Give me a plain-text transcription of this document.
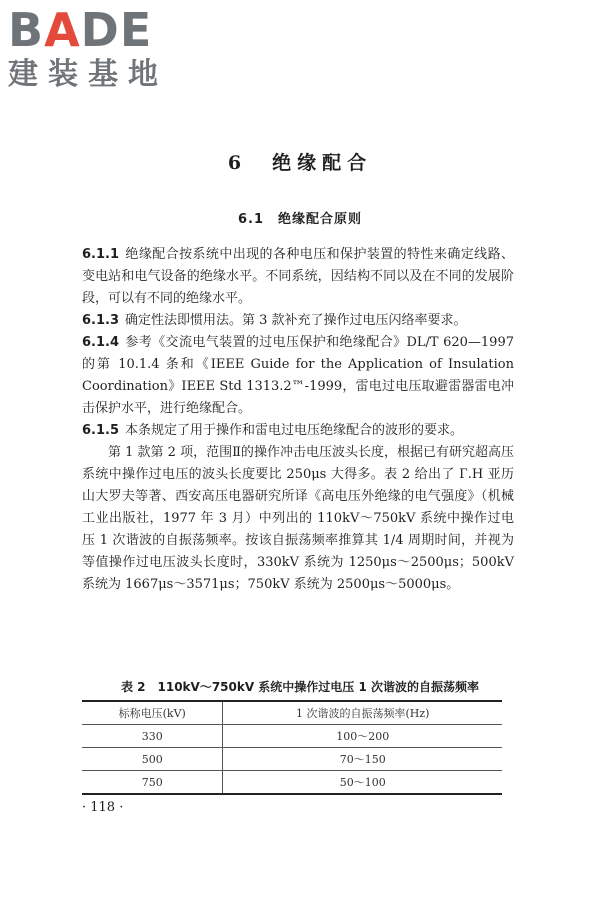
BADE
建装基地
6　绝缘配合
6.1　绝缘配合原则

6.1.1 绝缘配合按系统中出现的各种电压和保护装置的特性来确定线路、变电站和电气设备的绝缘水平。不同系统，因结构不同以及在不同的发展阶段，可以有不同的绝缘水平。

6.1.3 确定性法即惯用法。第 3 款补充了操作过电压闪络率要求。

6.1.4 参考《交流电气装置的过电压保护和绝缘配合》DL/T 620—1997 的第 10.1.4 条和《IEEE Guide for the Application of Insulation Coordination》IEEE Std 1313.2™-1999，雷电过电压取避雷器雷电冲击保护水平，进行绝缘配合。

6.1.5 本条规定了用于操作和雷电过电压绝缘配合的波形的要求。

第 1 款第 2 项，范围Ⅱ的操作冲击电压波头长度，根据已有研究超高压系统中操作过电压的波头长度要比 250μs 大得多。表 2 给出了 Г.Н 亚历山大罗夫等著、西安高压电器研究所译《高电压外绝缘的电气强度》（机械工业出版社，1977 年 3 月）中列出的 110kV～750kV 系统中操作过电压 1 次谐波的自振荡频率。按该自振荡频率推算其 1/4 周期时间，并视为等值操作过电压波头长度时，330kV 系统为 1250μs～2500μs；500kV 系统为 1667μs～3571μs；750kV 系统为 2500μs～5000μs。

表 2　110kV～750kV 系统中操作过电压 1 次谐波的自振荡频率
标称电压(kV)	1 次谐波的自振荡频率(Hz)
330	100～200
500	70～150
750	50～100
· 118 ·
